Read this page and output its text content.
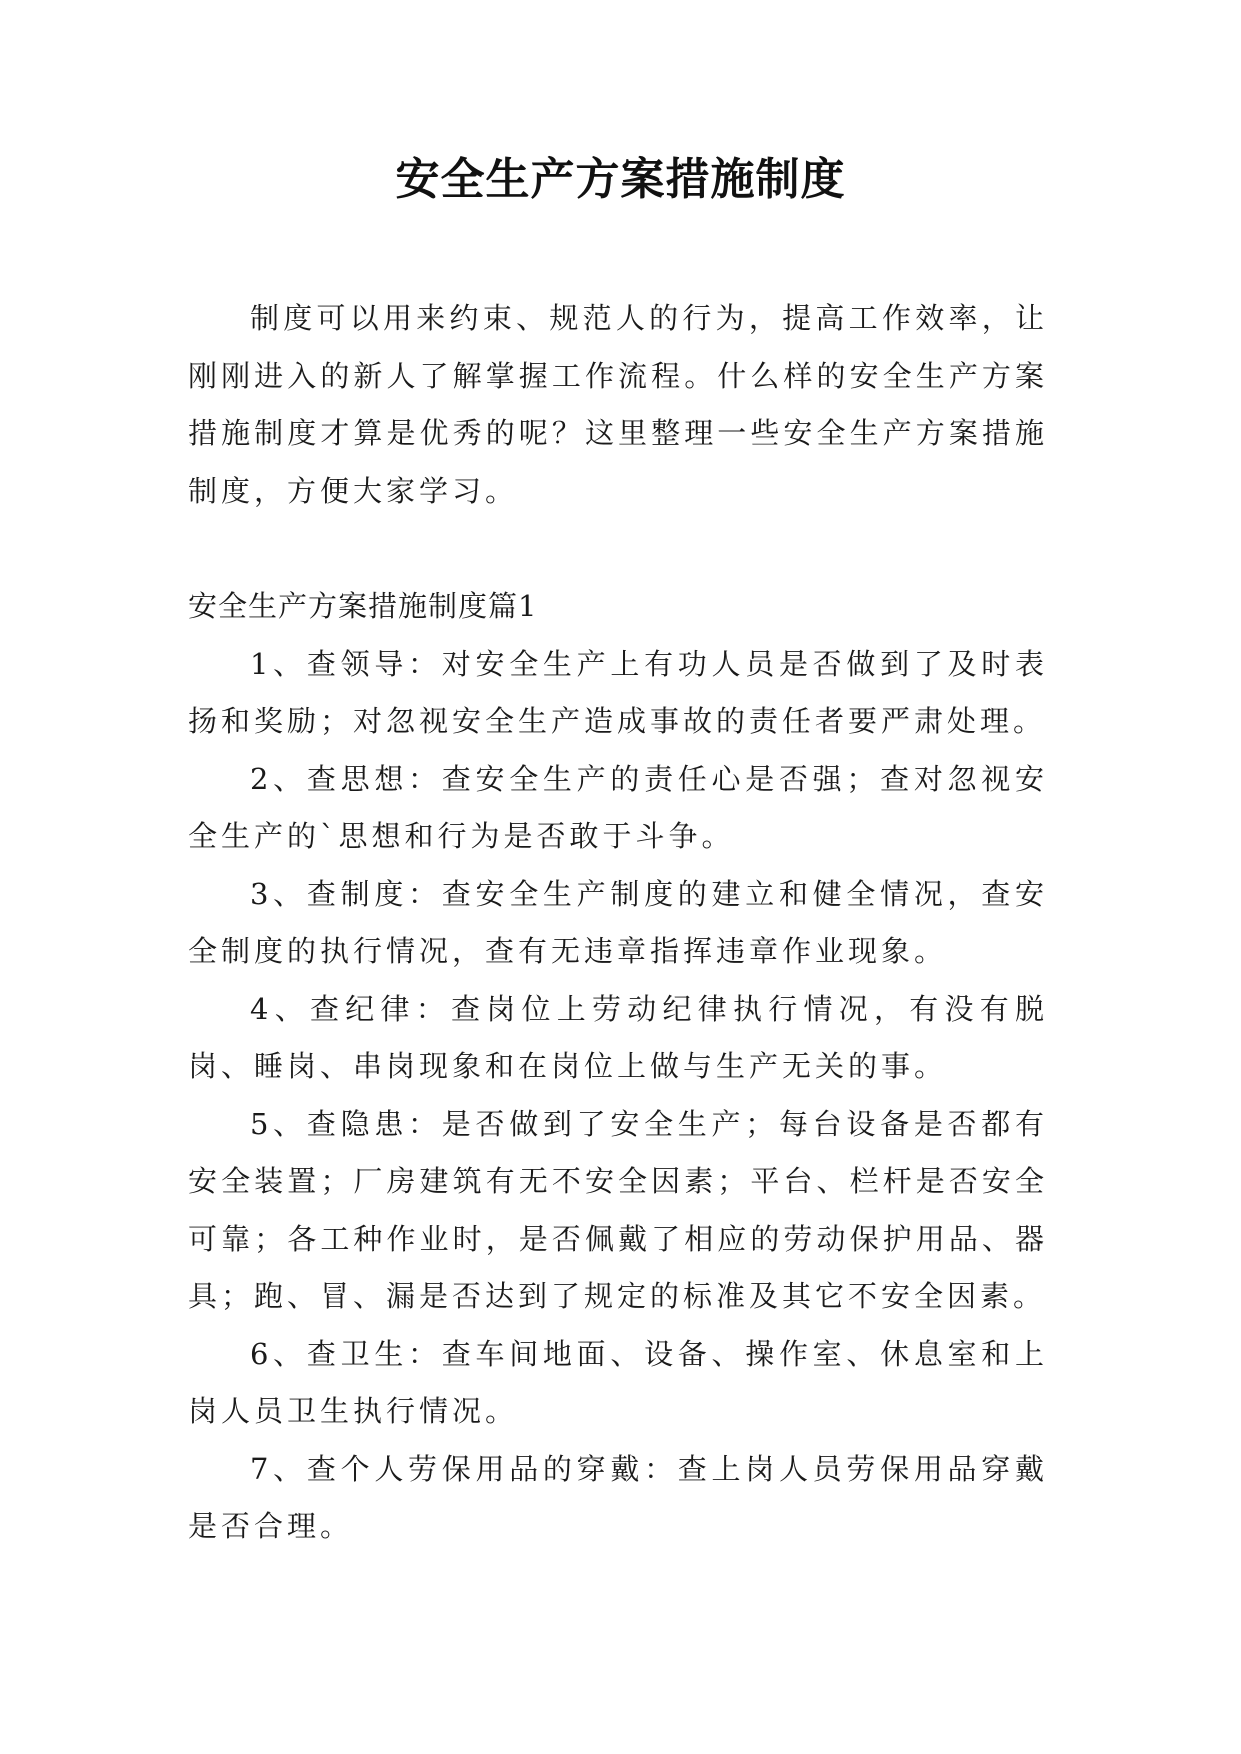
安全生产方案措施制度

制度可以用来约束、规范人的行为，提高工作效率，让刚刚进入的新人了解掌握工作流程。什么样的安全生产方案措施制度才算是优秀的呢？这里整理一些安全生产方案措施制度，方便大家学习。

安全生产方案措施制度篇1

1、查领导：对安全生产上有功人员是否做到了及时表扬和奖励；对忽视安全生产造成事故的责任者要严肃处理。

2、查思想：查安全生产的责任心是否强；查对忽视安全生产的`思想和行为是否敢于斗争。

3、查制度：查安全生产制度的建立和健全情况，查安全制度的执行情况，查有无违章指挥违章作业现象。

4、查纪律：查岗位上劳动纪律执行情况，有没有脱岗、睡岗、串岗现象和在岗位上做与生产无关的事。

5、查隐患：是否做到了安全生产；每台设备是否都有安全装置；厂房建筑有无不安全因素；平台、栏杆是否安全可靠；各工种作业时，是否佩戴了相应的劳动保护用品、器具；跑、冒、漏是否达到了规定的标准及其它不安全因素。

6、查卫生：查车间地面、设备、操作室、休息室和上岗人员卫生执行情况。

7、查个人劳保用品的穿戴：查上岗人员劳保用品穿戴是否合理。
